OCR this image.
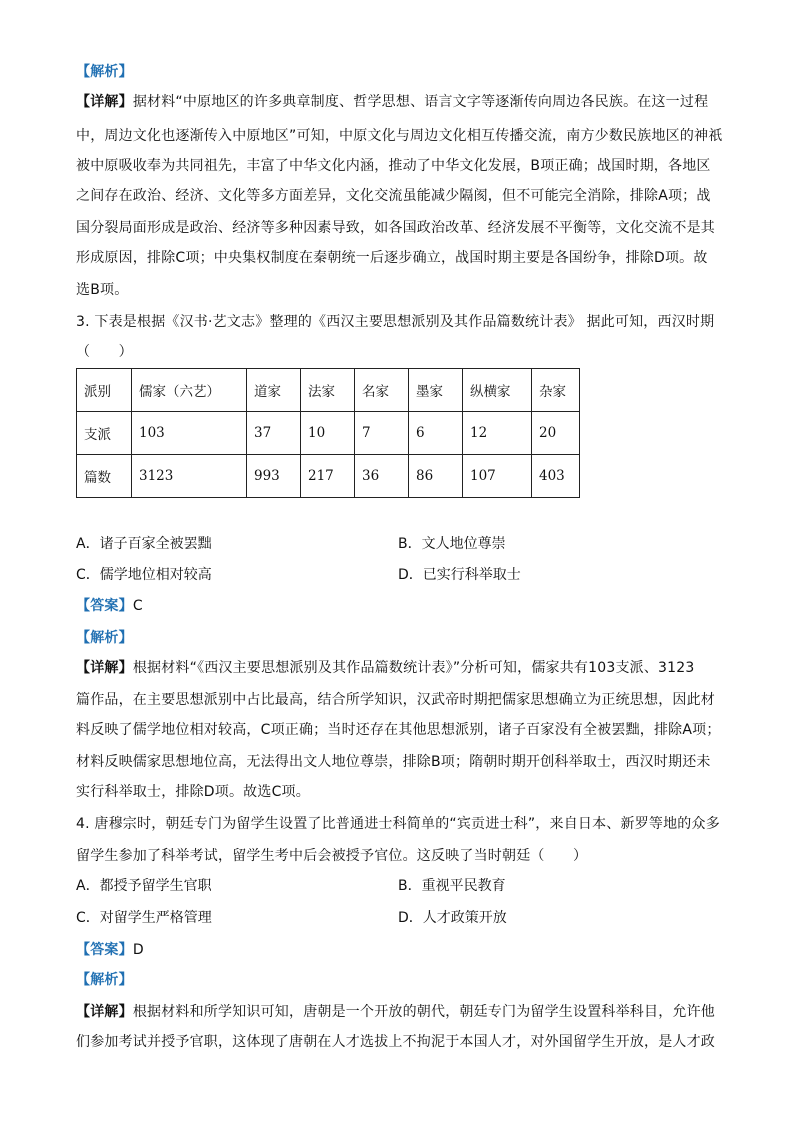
【解析】
【详解】据材料“中原地区的许多典章制度、哲学思想、语言文字等逐渐传向周边各民族。在这一过程
中，周边文化也逐渐传入中原地区”可知，中原文化与周边文化相互传播交流，南方少数民族地区的神祇
被中原吸收奉为共同祖先，丰富了中华文化内涵，推动了中华文化发展，B项正确；战国时期，各地区
之间存在政治、经济、文化等多方面差异，文化交流虽能减少隔阂，但不可能完全消除，排除A项；战
国分裂局面形成是政治、经济等多种因素导致，如各国政治改革、经济发展不平衡等，文化交流不是其
形成原因，排除C项；中央集权制度在秦朝统一后逐步确立，战国时期主要是各国纷争，排除D项。故
选B项。
3. 下表是根据《汉书·艺文志》整理的《西汉主要思想派别及其作品篇数统计表》 据此可知，西汉时期
（　　）
派别	儒家（六艺）	道家	法家	名家	墨家	纵横家	杂家
支派	103	37	10	7	6	12	20
篇数	3123	993	217	36	86	107	403
A．诸子百家全被罢黜	B．文人地位尊崇
C．儒学地位相对较高	D．已实行科举取士
【答案】C
【解析】
【详解】根据材料“《西汉主要思想派别及其作品篇数统计表》”分析可知，儒家共有103支派、3123
篇作品，在主要思想派别中占比最高，结合所学知识，汉武帝时期把儒家思想确立为正统思想，因此材
料反映了儒学地位相对较高，C项正确；当时还存在其他思想派别，诸子百家没有全被罢黜，排除A项；
材料反映儒家思想地位高，无法得出文人地位尊崇，排除B项；隋朝时期开创科举取士，西汉时期还未
实行科举取士，排除D项。故选C项。
4. 唐穆宗时，朝廷专门为留学生设置了比普通进士科简单的“宾贡进士科”，来自日本、新罗等地的众多
留学生参加了科举考试，留学生考中后会被授予官位。这反映了当时朝廷（　　）
A．都授予留学生官职	B．重视平民教育
C．对留学生严格管理	D．人才政策开放
【答案】D
【解析】
【详解】根据材料和所学知识可知，唐朝是一个开放的朝代，朝廷专门为留学生设置科举科目，允许他
们参加考试并授予官职，这体现了唐朝在人才选拔上不拘泥于本国人才，对外国留学生开放，是人才政
